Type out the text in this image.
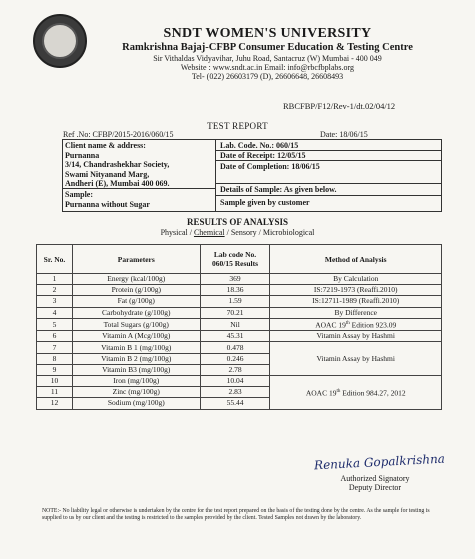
SNDT WOMEN'S UNIVERSITY
Ramkrishna Bajaj-CFBP Consumer Education & Testing Centre
Sir Vithaldas Vidyavihar, Juhu Road, Santacruz (W) Mumbai - 400 049
Website : www.sndt.ac.in Email: info@rbcfbplabs.org
Tel- (022) 26603179 (D), 26606648, 26608493
RBCFBP/F12/Rev-1/dt.02/04/12
TEST REPORT
Ref .No: CFBP/2015-2016/060/15	Date: 18/06/15
Client name & address:
Purnanna
3/14, Chandrashekhar Society,
Swami Nityanand Marg,
Andheri (E), Mumbai 400 069.
Sample:
Purnanna without Sugar
Lab. Code. No.: 060/15
Date of Receipt: 12/05/15
Date of Completion: 18/06/15
Details of Sample: As given below.
Sample given by customer
RESULTS OF ANALYSIS
Physical / Chemical / Sensory / Microbiological
Sr. No.	Parameters	Lab code No. 060/15 Results	Method of Analysis
1	Energy (kcal/100g)	369	By Calculation
2	Protein (g/100g)	18.36	IS:7219-1973 (Reaffi.2010)
3	Fat (g/100g)	1.59	IS:12711-1989 (Reaffi.2010)
4	Carbohydrate (g/100g)	70.21	By Difference
5	Total Sugars (g/100g)	Nil	AOAC 19th Edition 923.09
6	Vitamin A (Mcg/100g)	45.31	Vitamin Assay by Hashmi
7	Vitamin B 1 (mg/100g)	0.478	Vitamin Assay by Hashmi
8	Vitamin B 2 (mg/100g)	0.246	
9	Vitamin B3 (mg/100g)	2.78	
10	Iron (mg/100g)	10.04	AOAC 19th Edition 984.27, 2012
11	Zinc (mg/100g)	2.83	
12	Sodium (mg/100g)	55.44	
Renuka Gopalkrishna
Authorized Signatory
Deputy Director
NOTE:- No liability legal or otherwise is undertaken by the centre for the test report prepared on the basis of the testing done by the centre. As the sample for testing is supplied to us by our client and the testing is restricted to the samples provided by the client. Tested Samples not drawn by the laboratory.
